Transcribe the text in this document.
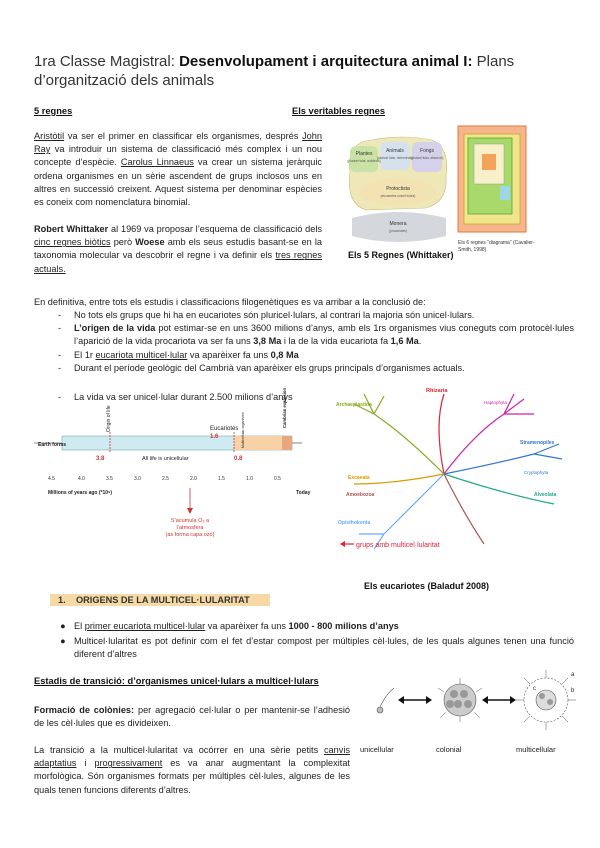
1ra Classe Magistral: Desenvolupament i arquitectura animal I: Plans d’organització dels animals
5 regnes	Els veritables regnes
Aristòtil va ser el primer en classificar els organismes, després John Ray va introduir un sistema de classificació més complex i un nou concepte d’espècie. Carolus Linnaeus va crear un sistema jeràrquic ordena organismes en un sèrie ascendent de grups inclosos uns en altres en successió creixent. Aquest sistema per denominar espècies es coneix com nomenclatura binomial.
Robert Whittaker al 1969 va proposar l’esquema de classificació dels cinc regnes biòtics però Woese amb els seus estudis basant-se en la taxonomia molecular va descobrir el regne i va definir els tres regnes actuals.
Plantes
(pluricel·lular, autòtrofs)
Animals
(pluricel·lular, heteròtrofs)
Fongs
(pluricel·lular, absorció)
Protoctista
(eucariotes unicel·lulars)
Monera
(procariotes)
Els 5 Regnes (Whittaker)
Els 6 regnes "diagrama" (Cavalier-Smith, 1998)
En definitiva, entre tots els estudis i classificacions filogenètiques es va arribar a la conclusió de:
- No tots els grups que hi ha en eucariotes són pluricel·lulars, al contrari la majoria són unicel·lulars.
- L’origen de la vida pot estimar-se en uns 3600 milions d’anys, amb els 1rs organismes vius coneguts com protocèl·lules l’aparició de la vida procariota va ser fa uns 3,8 Ma i la de la vida eucariota fa 1,6 Ma.
- El 1r eucariota multicel·lular va aparèixer fa uns 0,8 Ma
- Durant el període geològic del Cambrià van aparèixer els grups principals d’organismes actuals.
- La vida va ser unicel·lular durant 2.500 milions d’anys
Earth forms
Origin of life	Eucariotes
1.6
3.8	0.8
All life is unicellular
Multicellular organisms
Cambrian explosion
4.5	4.0	3.5	3.0	2.5	2.0	1.5	1.0	0.5
Millions of years ago (*10⁹)	Today
S’acumula O₂ a
l’atmosfera
(as forma capa ozó)
Rhizaria
Archaeplastida
Stramenopiles
Alveolata
Excavata
Opisthokonta
Amoebozoa
Haptophyta
Cryptophyta
grups amb multicel·lularitat
Els eucariotes (Baladuf 2008)
1. ORIGENS DE LA MULTICEL·LULARITAT
● El primer eucariota multicel·lular va aparèixer fa uns 1000 - 800 milions d’anys
● Multicel·lularitat es pot definir com el fet d’estar compost per múltiples cèl·lules, de les quals algunes tenen una funció diferent d’altres
Estadis de transició: d’organismes unicel·lulars a multicel·lulars
Formació de colònies: per agregació cel·lular o per mantenir-se l’adhesió de les cèl·lules que es divideixen.
La transició a la multicel·lularitat va ocórrer en una sèrie petits canvis adaptatius i progressivament es va anar augmentant la complexitat morfològica. Són organismes formats per múltiples cèl·lules, algunes de les quals tenen funcions diferents d’altres.
a
b
c
unicellular	colonial	multicellular
